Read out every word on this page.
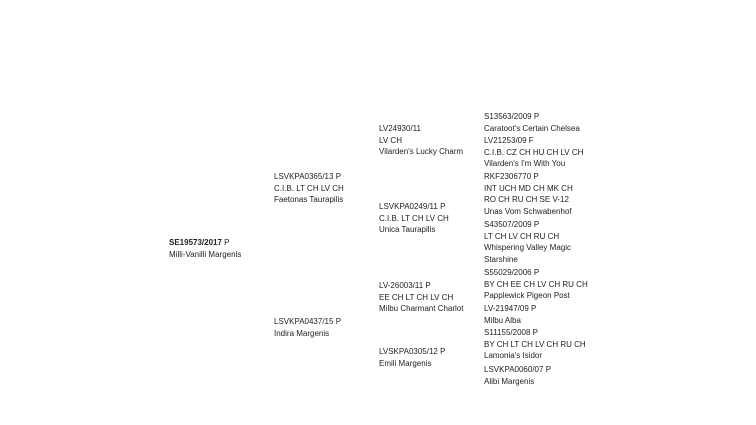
SE19573/2017 P
Milli-Vanilli Margenis
LSVKPA0365/13 P
C.I.B. LT CH LV CH
Faetonas Taurapilis
LSVKPA0437/15 P
Indira Margenis
LV24930/11
LV CH
Vilarden's Lucky Charm
LSVKPA0249/11 P
C.I.B. LT CH LV CH
Unica Taurapilis
LV-26003/11 P
EE CH LT CH LV CH
Milbu Charmant Charlot
LVSKPA0305/12 P
Emili Margenis
S13563/2009 P
Caratoot's Certain Chelsea
LV21253/09 F
C.I.B. CZ CH HU CH LV CH
Vilarden's I'm With You
RKF2306770 P
INT UCH MD CH MK CH
RO CH RU CH SE V-12
Unas Vom Schwabenhof
S43507/2009 P
LT CH LV CH RU CH
Whispering Valley Magic
Starshine
S55029/2006 P
BY CH EE CH LV CH RU CH
Papplewick Pigeon Post
LV-21947/09 P
Milbu Alba
S11155/2008 P
BY CH LT CH LV CH RU CH
Lamonia's Isidor
LSVKPA0060/07 P
Alibi Margenis
